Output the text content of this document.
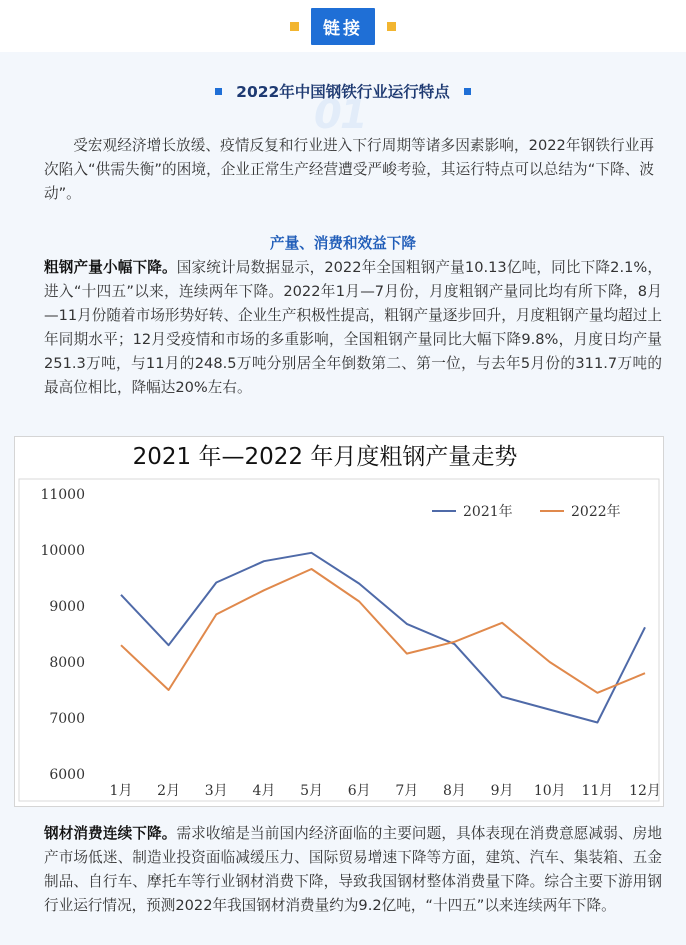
链接
01
2022年中国钢铁行业运行特点
受宏观经济增长放缓、疫情反复和行业进入下行周期等诸多因素影响，2022年钢铁行业再次陷入“供需失衡”的困境，企业正常生产经营遭受严峻考验，其运行特点可以总结为“下降、波动”。
产量、消费和效益下降
粗钢产量小幅下降。国家统计局数据显示，2022年全国粗钢产量10.13亿吨，同比下降2.1%，进入“十四五”以来，连续两年下降。2022年1月—7月份，月度粗钢产量同比均有所下降，8月—11月份随着市场形势好转、企业生产积极性提高，粗钢产量逐步回升，月度粗钢产量均超过上年同期水平；12月受疫情和市场的多重影响，全国粗钢产量同比大幅下降9.8%，月度日均产量251.3万吨，与11月的248.5万吨分别居全年倒数第二、第一位，与去年5月份的311.7万吨的最高位相比，降幅达20%左右。
2021 年—2022 年月度粗钢产量走势
6000
7000
8000
9000
10000
11000
1月 2月 3月 4月 5月 6月 7月 8月 9月 10月 11月 12月
2021年	2022年
钢材消费连续下降。需求收缩是当前国内经济面临的主要问题，具体表现在消费意愿减弱、房地产市场低迷、制造业投资面临减缓压力、国际贸易增速下降等方面，建筑、汽车、集装箱、五金制品、自行车、摩托车等行业钢材消费下降，导致我国钢材整体消费量下降。综合主要下游用钢行业运行情况，预测2022年我国钢材消费量约为9.2亿吨，“十四五”以来连续两年下降。
